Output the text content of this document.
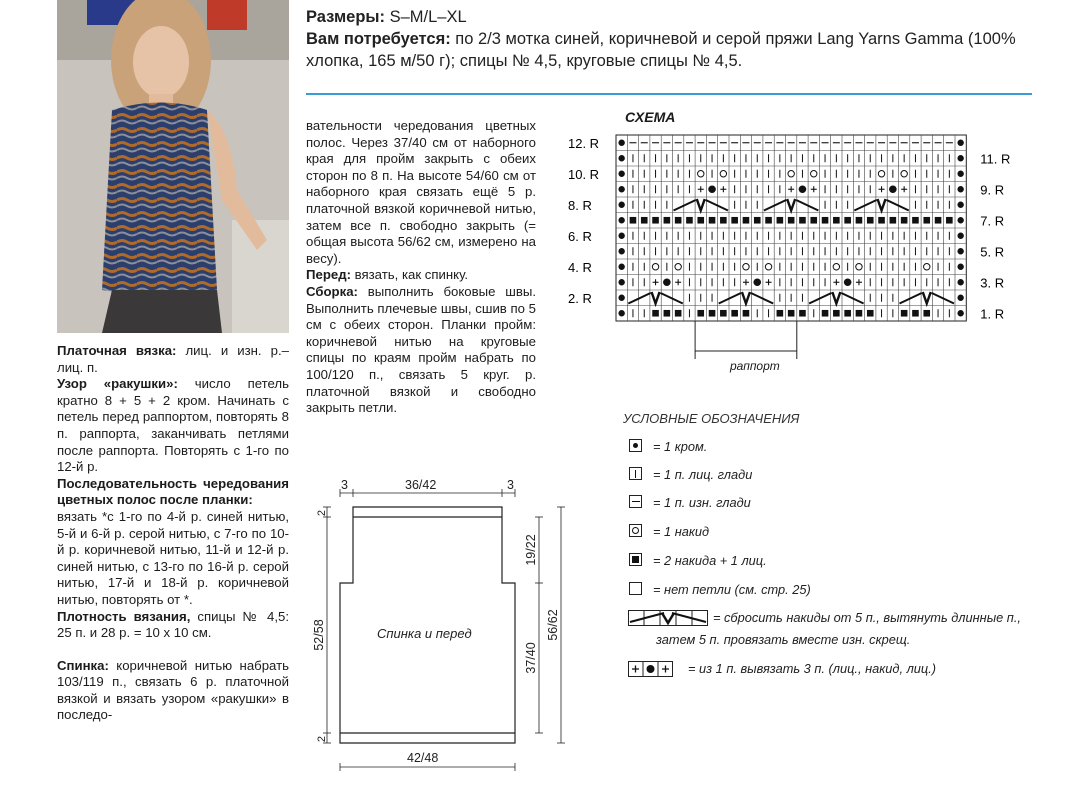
Размеры: S–M/L–XL
Вам потребуется: по 2/3 мотка синей, коричневой и серой пряжи Lang Yarns Gamma (100% хлопка, 165 м/50 г); спицы № 4,5, круговые спицы № 4,5.

Платочная вязка: лиц. и изн. р.– лиц. п.

Узор «ракушки»: число петель кратно 8 + 5 + 2 кром. Начинать с петель перед раппортом, повторять 8 п. раппорта, заканчивать петлями после раппорта. Повторять с 1-го по 12-й р.

Последовательность чередования цветных полос после планки:

вязать *с 1-го по 4-й р. синей нитью, 5-й и 6-й р. серой нитью, с 7-го по 10-й р. коричневой нитью, 11-й и 12-й р. синей нитью, с 13-го по 16-й р. серой нитью, 17-й и 18-й р. коричневой нитью, повторять от *.

Плотность вязания, спицы № 4,5: 25 п. и 28 р. = 10 х 10 см.

Спинка: коричневой нитью набрать 103/119 п., связать 6 р. платочной вязкой и вязать узором «ракушки» в последо-

вательности чередования цветных полос. Через 37/40 см от наборного края для пройм закрыть с обеих сторон по 8 п. На высоте 54/60 см от наборного края связать ещё 5 р. платочной вязкой коричневой нитью, затем все п. свободно закрыть (= общая высота 56/62 см, измерено на весу).

Перед: вязать, как спинку.

Сборка: выполнить боковые швы. Выполнить плечевые швы, сшив по 5 см с обеих сторон. Планки пройм: коричневой нитью на круговые спицы по краям пройм набрать по 100/120 п., связать 5 круг. р. платочной вязкой и свободно закрыть петли.

СХЕМА
12. R
10. R
8. R
6. R
4. R
2. R
11. R
9. R
7. R
5. R
3. R
1. R
раппорт
УСЛОВНЫЕ ОБОЗНАЧЕНИЯ
= 1 кром.
= 1 п. лиц. глади
= 1 п. изн. глади
= 1 накид
= 2 накида + 1 лиц.
= нет петли (см. стр. 25)
= сбросить накиды от 5 п., вытянуть длинные п.,
затем 5 п. провязать вместе изн. скрещ.
= из 1 п. вывязать 3 п. (лиц., накид, лиц.)
3	36/42	3
42/48
2
52/58
2
19/22
37/40
56/62
Спинка и перед
